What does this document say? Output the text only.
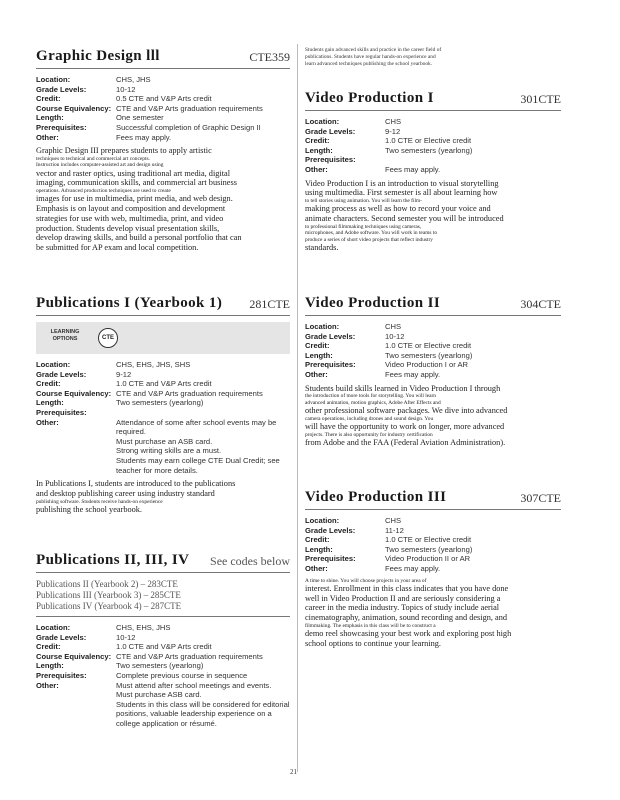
Graphic Design lll	CTE359
Location:	CHS, JHS
Grade Levels:	10-12
Credit:	0.5 CTE and V&P Arts credit
Course Equivalency: CTE and V&P Arts graduation requirements
Length:	One semester
Prerequisites:	Successful completion of Graphic Design II
Other:	Fees may apply.
Graphic Design III prepares students to apply artistic
techniques to technical and commercial art concepts.
Instruction includes computer-assisted art and design using
vector and raster optics, using traditional art media, digital
imaging, communication skills, and commercial art business
operations. Advanced production techniques are used to create
images for use in multimedia, print media, and web design.
Emphasis is on layout and composition and development
strategies for use with web, multimedia, print, and video
production. Students develop visual presentation skills,
develop drawing skills, and build a personal portfolio that can
be submitted for AP exam and local competition.
Publications I (Yearbook 1) 281CTE
LEARNING OPTIONS	CTE
Location:	CHS, EHS, JHS, SHS
Grade Levels:	9-12
Credit:	1.0 CTE and V&P Arts credit
Course Equivalency: CTE and V&P Arts graduation requirements
Length:	Two semesters (yearlong)
Prerequisites:
Other:	Attendance of some after school events may be required.
Must purchase an ASB card.
Strong writing skills are a must.
Students may earn college CTE Dual Credit; see teacher for more details.
In Publications I, students are introduced to the publications
and desktop publishing career using industry standard
publishing software. Students receive hands-on experience
publishing the school yearbook.
Publications II, III, IV See codes below
Publications II (Yearbook 2) – 283CTE
Publications III (Yearbook 3) – 285CTE
Publications IV (Yearbook 4) – 287CTE
Location:	CHS, EHS, JHS
Grade Levels:	10-12
Credit:	1.0 CTE and V&P Arts credit
Course Equivalency: CTE and V&P Arts graduation requirements
Length:	Two semesters (yearlong)
Prerequisites:	Complete previous course in sequence
Other:	Must attend after school meetings and events.
Must purchase ASB card.
Students in this class will be considered for editorial positions, valuable leadership experience on a college application or résumé.
Students gain advanced skills and practice in the career field of
publications. Students have regular hands-on experience and
learn advanced techniques publishing the school yearbook.
Video Production I	301CTE
Location:	CHS
Grade Levels:	9-12
Credit:	1.0 CTE or Elective credit
Length:	Two semesters (yearlong)
Prerequisites:
Other:	Fees may apply.
Video Production I is an introduction to visual storytelling
using multimedia. First semester is all about learning how
to tell stories using animation. You will learn the film-
making process as well as how to record your voice and
animate characters. Second semester you will be introduced
to professional filmmaking techniques using cameras,
microphones, and Adobe software. You will work in teams to
produce a series of short video projects that reflect industry
standards.
Video Production II	304CTE
Location:	CHS
Grade Levels:	10-12
Credit:	1.0 CTE or Elective credit
Length:	Two semesters (yearlong)
Prerequisites:	Video Production I or AR
Other:	Fees may apply.
Students build skills learned in Video Production I through
the introduction of more tools for storytelling. You will learn
advanced animation, motion graphics, Adobe After Effects and
other professional software packages. We dive into advanced
camera operations, including drones and sound design. You
will have the opportunity to work on longer, more advanced
projects. There is also opportunity for industry certification
from Adobe and the FAA (Federal Aviation Administration).
Video Production III	307CTE
Location:	CHS
Grade Levels:	11-12
Credit:	1.0 CTE or Elective credit
Length:	Two semesters (yearlong)
Prerequisites:	Video Production II or AR
Other:	Fees may apply.
A time to shine. You will choose projects in your area of
interest. Enrollment in this class indicates that you have done
well in Video Production II and are seriously considering a
career in the media industry. Topics of study include aerial
cinematography, animation, sound recording and design, and
filmmaking. The emphasis in this class will be to construct a
demo reel showcasing your best work and exploring post high
school options to continue your learning.
21
